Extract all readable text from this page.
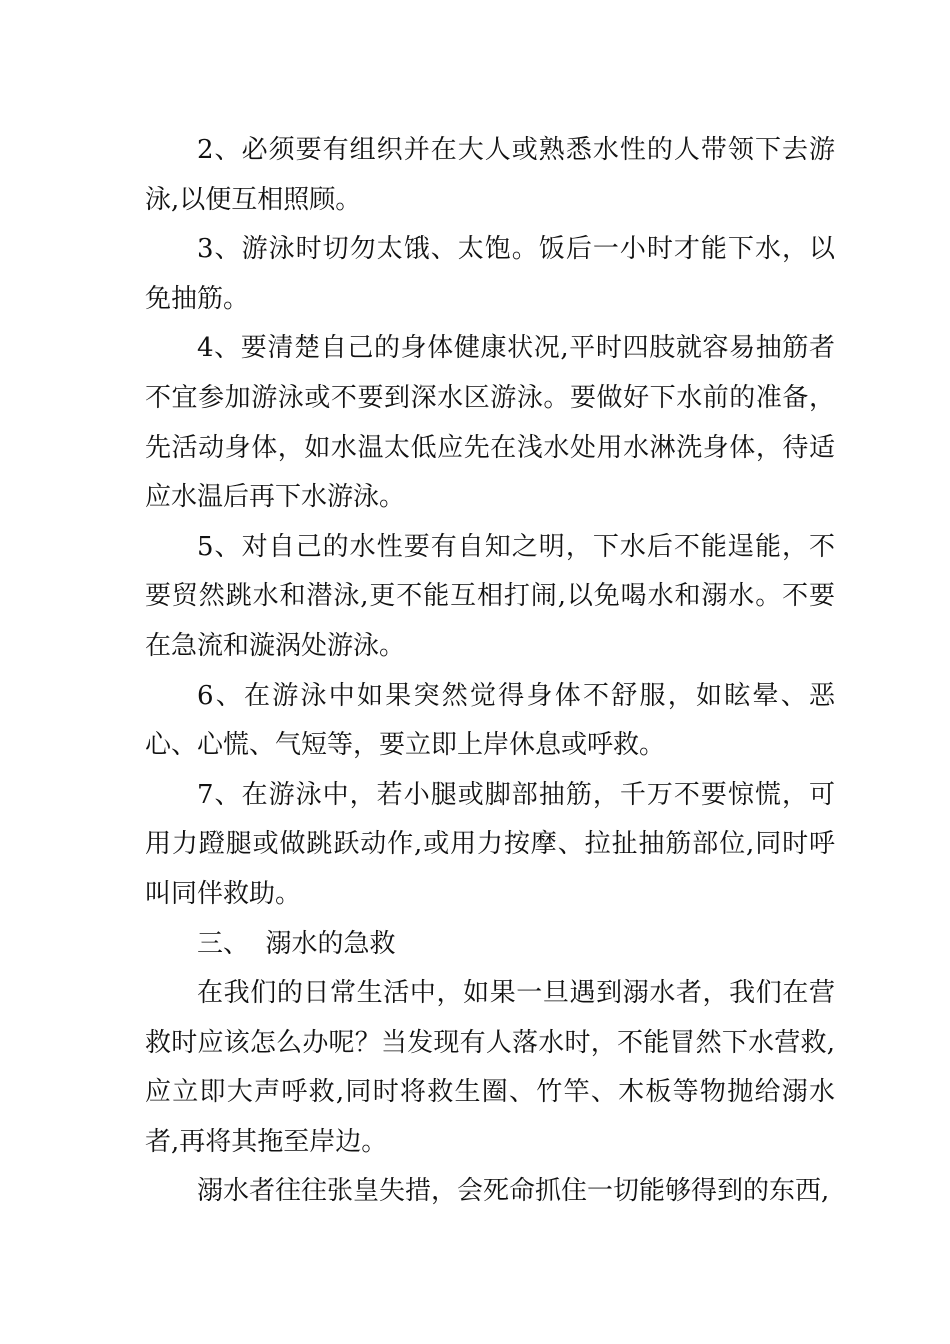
2、必须要有组织并在大人或熟悉水性的人带领下去游泳,以便互相照顾。

3、游泳时切勿太饿、太饱。饭后一小时才能下水，以免抽筋。

4、要清楚自己的身体健康状况,平时四肢就容易抽筋者不宜参加游泳或不要到深水区游泳。要做好下水前的准备，先活动身体，如水温太低应先在浅水处用水淋洗身体，待适应水温后再下水游泳。

5、对自己的水性要有自知之明，下水后不能逞能，不要贸然跳水和潜泳,更不能互相打闹,以免喝水和溺水。不要在急流和漩涡处游泳。

6、在游泳中如果突然觉得身体不舒服，如眩晕、恶心、心慌、气短等，要立即上岸休息或呼救。

7、在游泳中，若小腿或脚部抽筋，千万不要惊慌，可用力蹬腿或做跳跃动作,或用力按摩、拉扯抽筋部位,同时呼叫同伴救助。

三、  溺水的急救

在我们的日常生活中，如果一旦遇到溺水者，我们在营救时应该怎么办呢？当发现有人落水时，不能冒然下水营救,应立即大声呼救,同时将救生圈、竹竿、木板等物抛给溺水者,再将其拖至岸边。

溺水者往往张皇失措，会死命抓住一切能够得到的东西,
